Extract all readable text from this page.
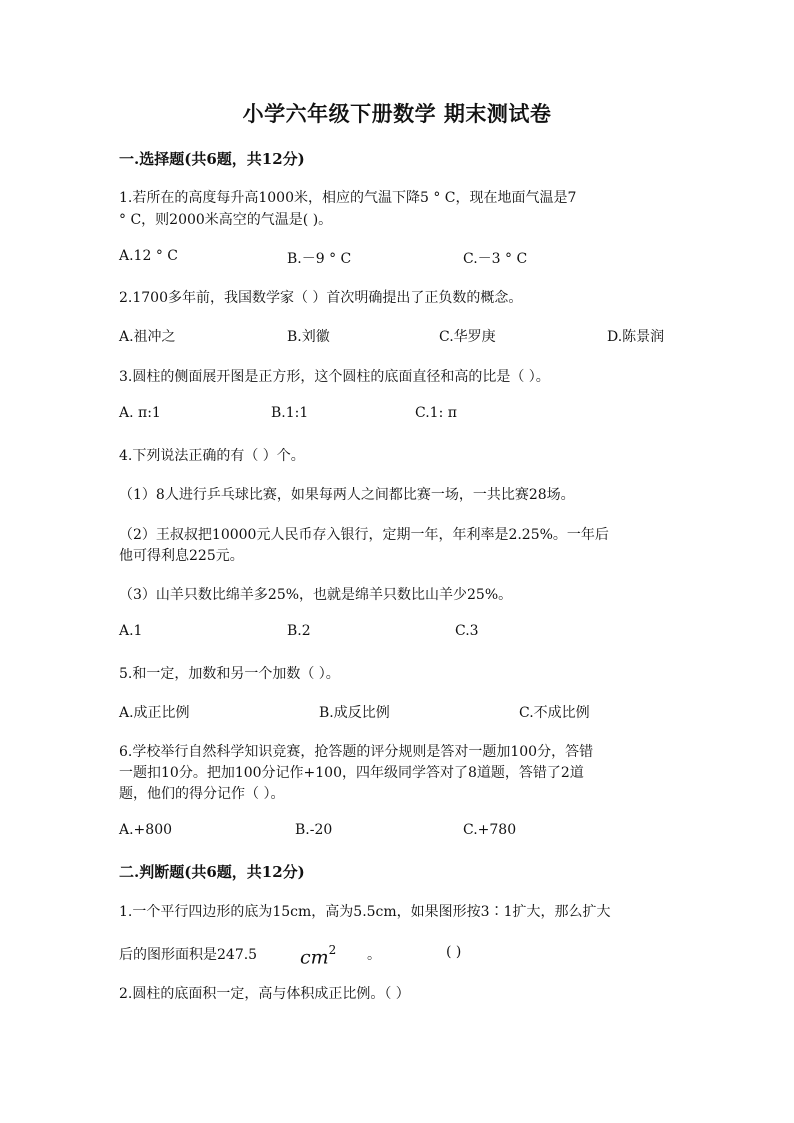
小学六年级下册数学 期末测试卷
一.选择题(共6题，共12分)
1.若所在的高度每升高1000米，相应的气温下降5 ° C，现在地面气温是7
° C，则2000米高空的气温是( )。
A.12 ° C	B.－9 ° C	C.－3 ° C
2.1700多年前，我国数学家（ ）首次明确提出了正负数的概念。
A.祖冲之	B.刘徽	C.华罗庚	D.陈景润
3.圆柱的侧面展开图是正方形，这个圆柱的底面直径和高的比是（ ）。
A. π:1	B.1:1	C.1: π
4.下列说法正确的有（ ）个。
（1）8人进行乒乓球比赛，如果每两人之间都比赛一场，一共比赛28场。
（2）王叔叔把10000元人民币存入银行，定期一年，年利率是2.25%。一年后
他可得利息225元。
（3）山羊只数比绵羊多25%，也就是绵羊只数比山羊少25%。
A.1	B.2	C.3
5.和一定，加数和另一个加数（ ）。
A.成正比例	B.成反比例	C.不成比例
6.学校举行自然科学知识竞赛，抢答题的评分规则是答对一题加100分，答错
一题扣10分。把加100分记作+100，四年级同学答对了8道题，答错了2道
题，他们的得分记作（ ）。
A.+800	B.-20	C.+780
二.判断题(共6题，共12分)
1.一个平行四边形的底为15cm，高为5.5cm，如果图形按3∶1扩大，那么扩大
后的图形面积是247.5 $cm^2$ 。	( )
2.圆柱的底面积一定，高与体积成正比例。（ ）
